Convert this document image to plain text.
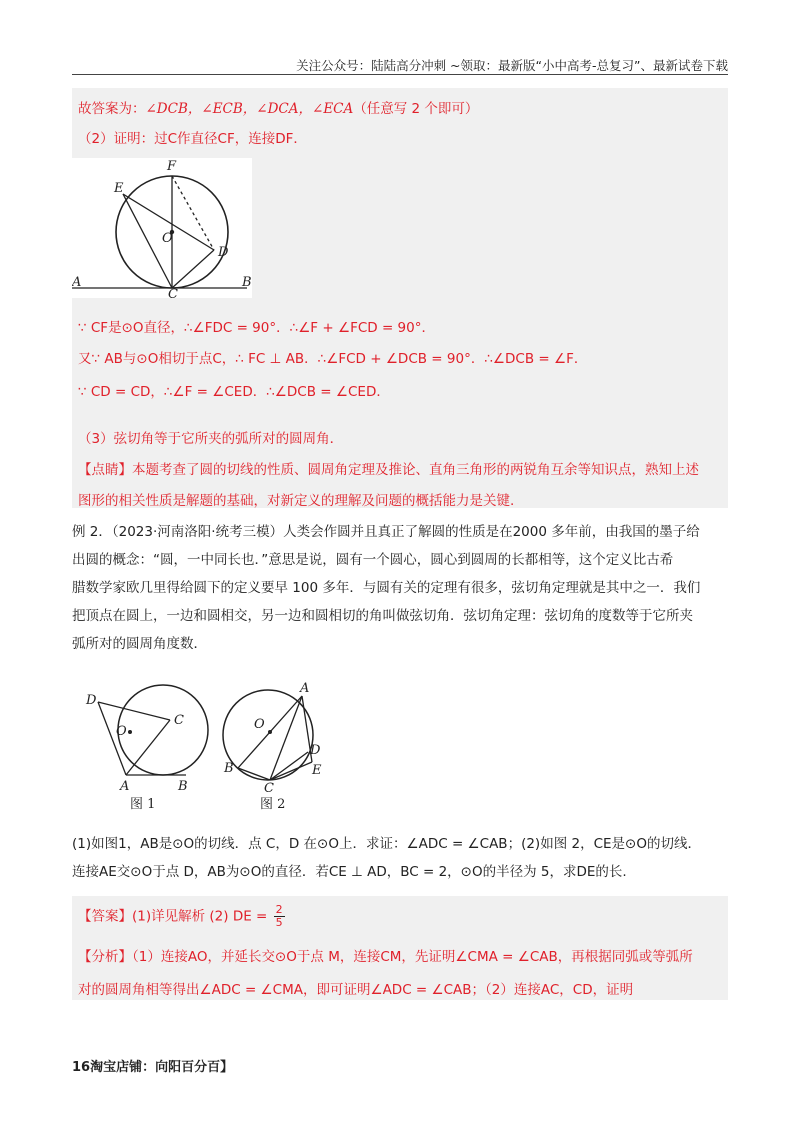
关注公众号：陆陆高分冲刺 ~领取：最新版“小中高考-总复习”、最新试卷下载
故答案为：∠DCB，∠ECB，∠DCA，∠ECA（任意写 2 个即可）
（2）证明：过C作直径CF，连接DF．
F
E
O
D
A	B
C
∵ CF是⊙O直径，∴∠FDC = 90°．∴∠F + ∠FCD = 90°．
又∵ AB与⊙O相切于点C，∴ FC ⊥ AB．∴∠FCD + ∠DCB = 90°．∴∠DCB = ∠F．
∵ CD = CD，∴∠F = ∠CED．∴∠DCB = ∠CED．
（3）弦切角等于它所夹的弧所对的圆周角．
【点睛】本题考查了圆的切线的性质、圆周角定理及推论、直角三角形的两锐角互余等知识点，熟知上述
图形的相关性质是解题的基础，对新定义的理解及问题的概括能力是关键.
例 2．（2023·河南洛阳·统考三模）人类会作圆并且真正了解圆的性质是在2000 多年前，由我国的墨子给
出圆的概念：“圆，一中同长也．”意思是说，圆有一个圆心，圆心到圆周的长都相等，这个定义比古希
腊数学家欧几里得给圆下的定义要早 100 多年．与圆有关的定理有很多，弦切角定理就是其中之一．我们
把顶点在圆上，一边和圆相交，另一边和圆相切的角叫做弦切角．弦切角定理：弦切角的度数等于它所夹
弧所对的圆周角度数．
D
C
O
A	B
图 1
A
O
D
B
C
E
图 2
(1)如图1，AB是⊙O的切线．点 C，D 在⊙O上．求证：∠ADC = ∠CAB；(2)如图 2，CE是⊙O的切线．
连接AE交⊙O于点 D，AB为⊙O的直径．若CE ⊥ AD，BC = 2，⊙O的半径为 5，求DE的长.
【答案】(1)详见解析 (2) DE = $\frac{2}{5}$
【分析】（1）连接AO，并延长交⊙O于点 M，连接CM，先证明∠CMA = ∠CAB，再根据同弧或等弧所
对的圆周角相等得出∠ADC = ∠CMA，即可证明∠ADC = ∠CAB；（2）连接AC，CD，证明
16淘宝店铺：向阳百分百】
